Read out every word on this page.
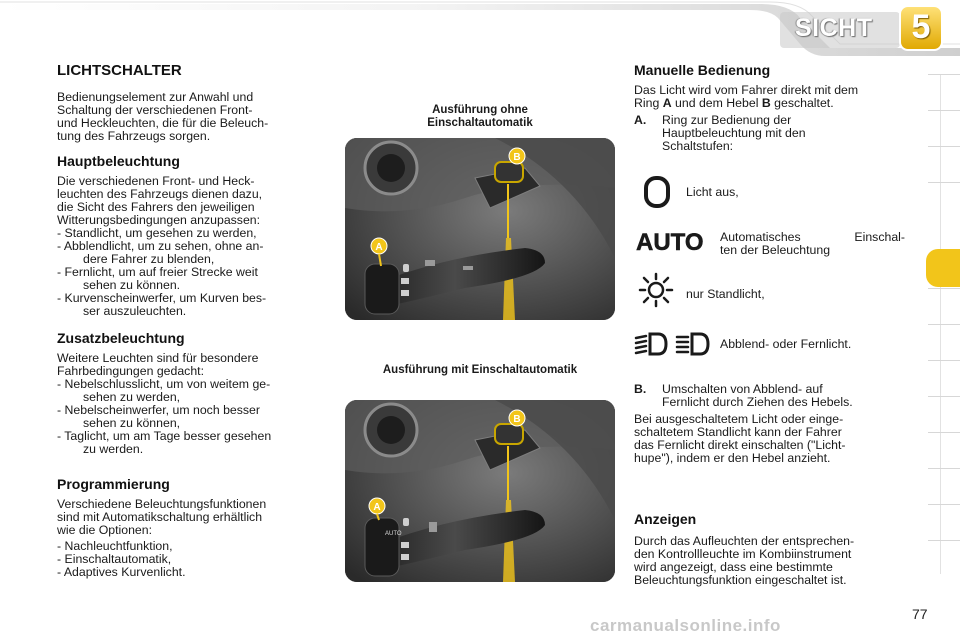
SICHT 5
LICHTSCHALTER
Bedienungselement zur Anwahl und
Schaltung der verschiedenen Front-
und Heckleuchten, die für die Beleuch-
tung des Fahrzeugs sorgen.
Hauptbeleuchtung
Die verschiedenen Front- und Heck-
leuchten des Fahrzeugs dienen dazu,
die Sicht des Fahrers den jeweiligen
Witterungsbedingungen anzupassen:
- Standlicht, um gesehen zu werden,
- Abblendlicht, um zu sehen, ohne an-
dere Fahrer zu blenden,
- Fernlicht, um auf freier Strecke weit
sehen zu können.
- Kurvenscheinwerfer, um Kurven bes-
ser auszuleuchten.
Zusatzbeleuchtung
Weitere Leuchten sind für besondere
Fahrbedingungen gedacht:
- Nebelschlusslicht, um von weitem ge-
sehen zu werden,
- Nebelscheinwerfer, um noch besser
sehen zu können,
- Taglicht, um am Tage besser gesehen
zu werden.
Programmierung
Verschiedene Beleuchtungsfunktionen
sind mit Automatikschaltung erhältlich
wie die Optionen:
- Nachleuchtfunktion,
- Einschaltautomatik,
- Adaptives Kurvenlicht.
Ausführung ohne
Einschaltautomatik
B
A
Ausführung mit Einschaltautomatik
B
A
AUTO
Manuelle Bedienung
Das Licht wird vom Fahrer direkt mit dem
Ring A und dem Hebel B geschaltet.
A. Ring zur Bedienung der
Hauptbeleuchtung mit den
Schaltstufen:
Licht aus,
AUTO Automatisches Einschal-
ten der Beleuchtung
nur Standlicht,
Abblend- oder Fernlicht.
B. Umschalten von Abblend- auf
Fernlicht durch Ziehen des Hebels.
Bei ausgeschaltetem Licht oder einge-
schaltetem Standlicht kann der Fahrer
das Fernlicht direkt einschalten ("Licht-
hupe"), indem er den Hebel anzieht.
Anzeigen
Durch das Aufleuchten der entsprechen-
den Kontrollleuchte im Kombiinstrument
wird angezeigt, dass eine bestimmte
Beleuchtungsfunktion eingeschaltet ist.
77
carmanualsonline.info
